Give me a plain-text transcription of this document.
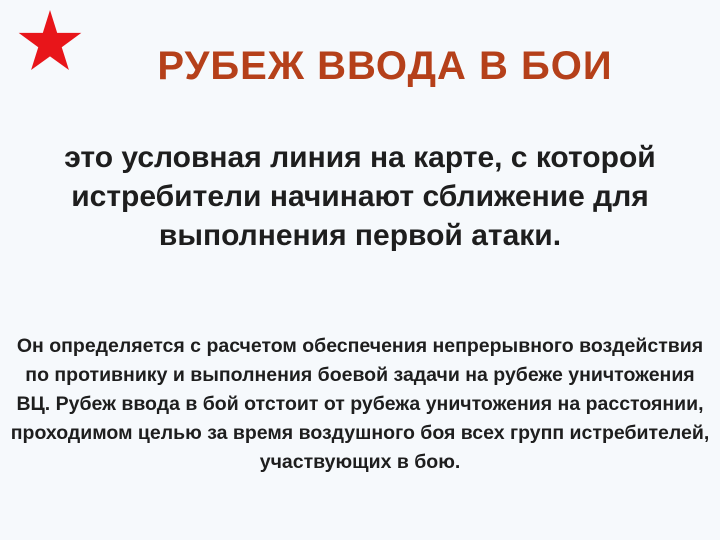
РУБЕЖ ВВОДА В БОИ
это условная линия на карте, с которой истребители начинают сближение для выполнения первой атаки.
Он определяется с расчетом обеспечения непрерывного воздействия по противнику и выполнения боевой задачи на рубеже уничтожения ВЦ. Рубеж ввода в бой отстоит от рубежа уничтожения на расстоянии, проходимом целью за время воздушного боя всех групп истребителей, участвующих в бою.
